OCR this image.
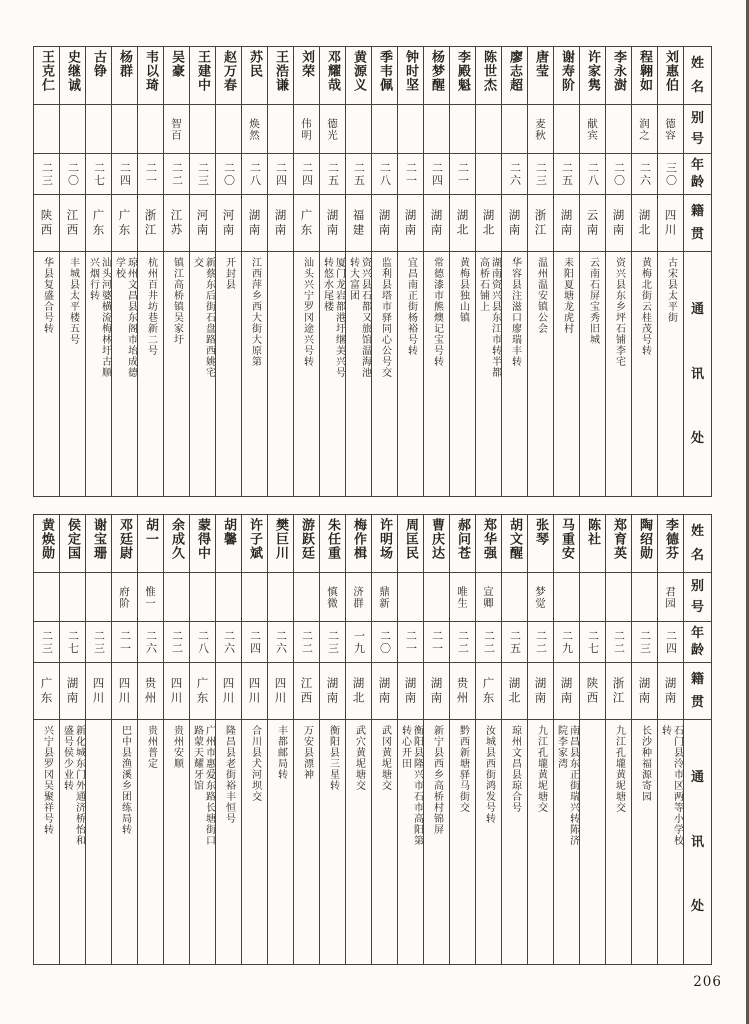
姓
名
刘惠伯
程翱如
李永澍
许家隽
谢寿阶
唐莹
廖志超
陈世杰
李殿魁
杨梦醒
钟时坚
季韦佩
黄源义
邓耀哉
刘荣
王浩谦
苏民
赵万春
王建中
吴豪
韦以琦
杨群
古铮
史继诚
王克仁
别
号
德容
润之
献宾
麦秋
德光
伟明
焕然
智百
年
龄
三〇
二六
二〇
二八
二五
二三
二六
二一
二四
二一
二八
二五
二五
二四
二四
二八
二〇
二三
二二
二一
二四
二七
二〇
二三
籍
贯
四川
湖北
湖南
云南
湖南
浙江
湖南
湖北
湖北
湖南
湖南
湖南
福建
湖南
广东
湖南
湖南
河南
河南
江苏
浙江
广东
广东
江西
陕西
通
讯
处
古宋县太平街
黄梅北街云桂茂号转
资兴县东乡坪石铺李宅
云南石屏宝秀旧城
耒阳夏塘龙虎村
温州温安镇公会
华容县注滋口廖瑞丰转
湖南资兴县东江市转半都高桥石铺上
黄梅县独山镇
常德漆市熊燠记宝号转
宜昌南正街杨裕号转
监利县塔市驿同心公号交
资兴县石都又旅馆温海池转大富团
厦门龙岩都港圩继美兴号转悠水尾楼
汕头兴宁罗冈途兴号转
江西萍乡西大街大原第
开封县
新蔡东后街石盘路西姚宅交
镇江高桥镇吴家圩
杭州百井坊巷新二号
琼州文昌县东阁市坮成德学校
汕头河婆横流梅林圩古顺兴烟行转
丰城县太平楼五号
华县复盛合号转
姓
名
李德芬
陶绍勋
郑育英
陈社
马重安
张琴
胡文醒
郑华强
郝问苍
曹庆达
周匡民
许明场
梅作楫
朱任重
游跃廷
樊巨川
许子斌
胡馨
蒙得中
余成久
胡一
邓廷尉
谢宝珊
侯定国
黄焕勋
别
号
君园
梦觉
宣卿
唯生
鼎新
济群
慎微
惟一
府阶
年
龄
二四
二三
二二
二七
二九
二二
二五
二二
二二
二一
二一
二〇
一九
二三
二二
二六
二四
二六
二八
二二
二六
二一
二三
二七
二三
籍
贯
湖南
湖南
浙江
陕西
湖南
湖南
湖北
广东
贵州
湖南
湖南
湖南
湖北
湖南
江西
四川
四川
四川
广东
四川
贵州
四川
四川
湖南
广东
通
讯
处
石门县泠市区两等小学校转
长沙种福源寄园
九江孔壠黄坭塘交
南昌县东正街瑞兴转陈济院李家湾
九江孔壠黄坭塘交
琼州文昌县琼合号
汝城县西街鸿发号转
黔西新塘驿马街交
新宁县西乡高桥村锦屏
衡阳县隆兴市石市高阳第转心开田
武冈黄坭塘交
武穴黄坭塘交
衡阳县三星转
万安县漂神
丰都邮局转
合川县犬河坝交
隆昌县老街裕丰恒号
广州市惠爱东路长塘街口路蒙天耀牙馆
贵州安顺
贵州普定
巴中县渔溪乡团练局转
新化城东门外通济桥怡和盛号侯少业转
兴宁县罗冈吴聚祥号转
206
